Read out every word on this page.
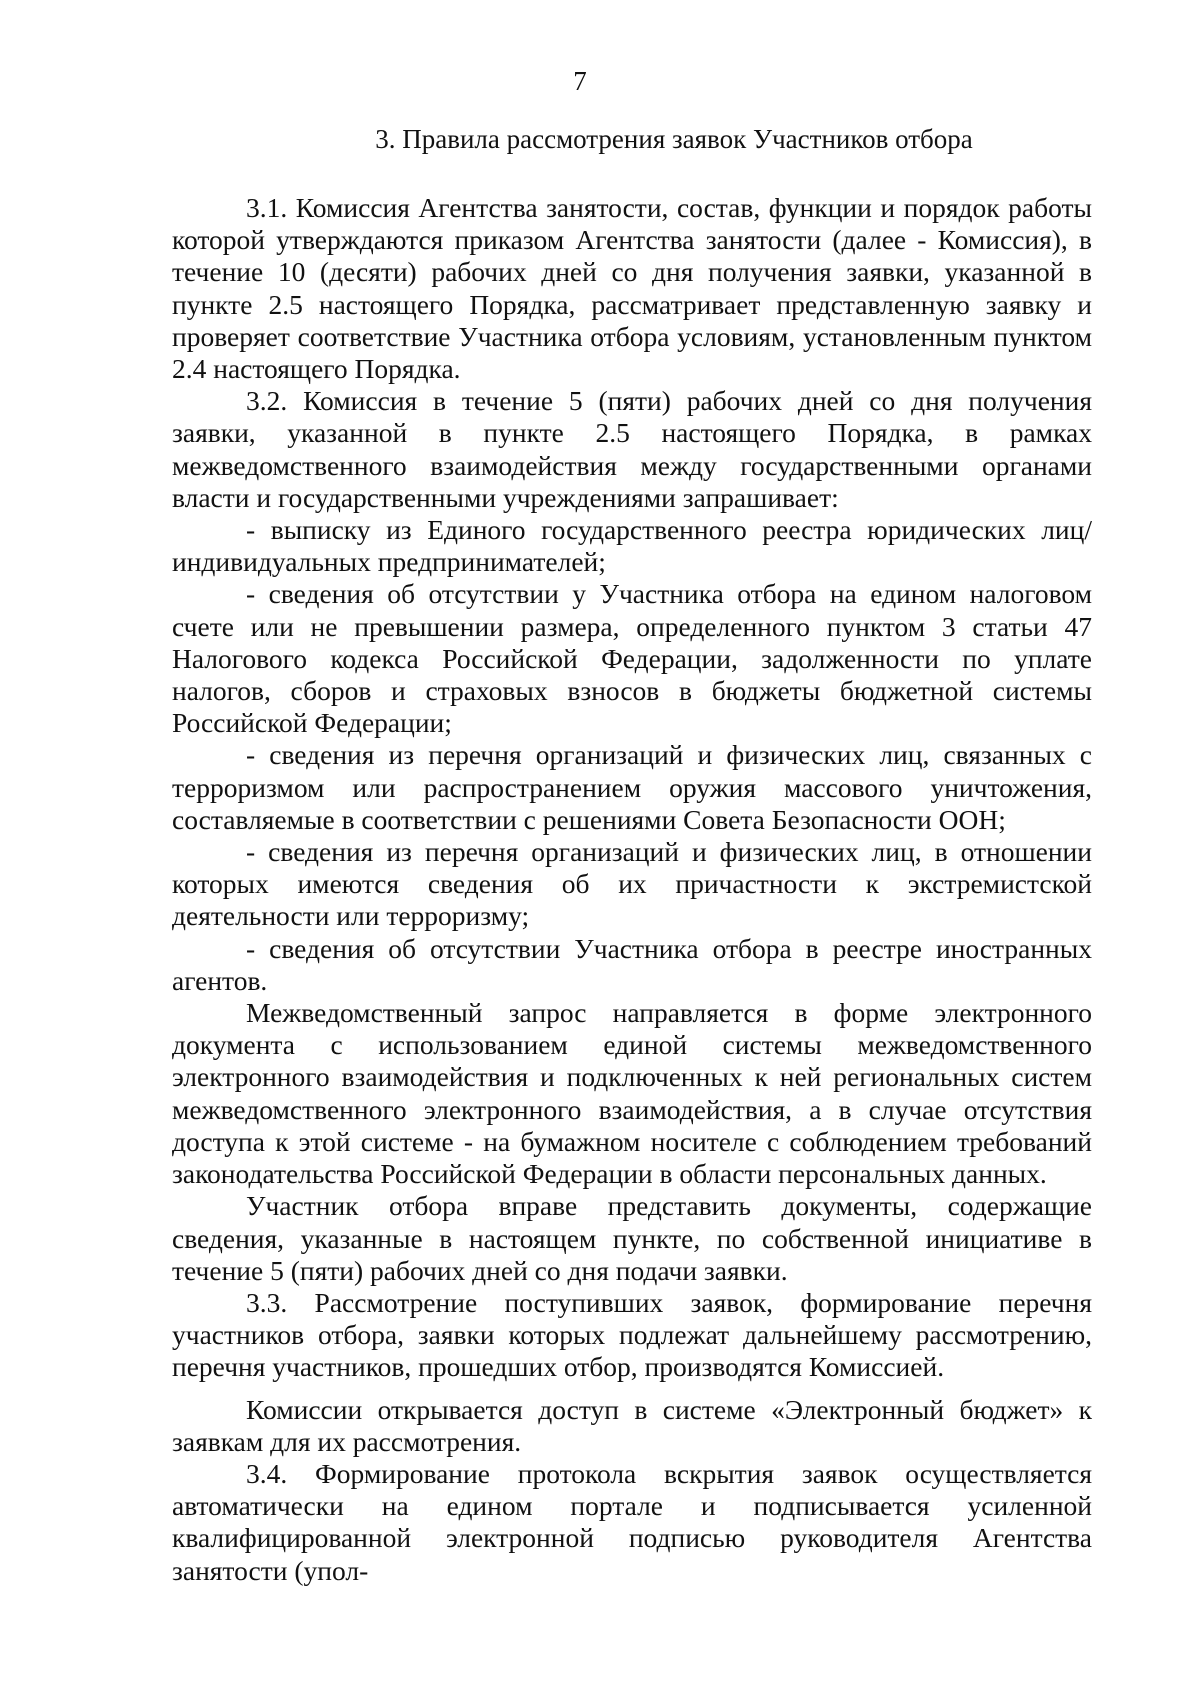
7
3. Правила рассмотрения заявок Участников отбора

3.1. Комиссия Агентства занятости, состав, функции и порядок работы которой утверждаются приказом Агентства занятости (далее - Комиссия), в течение 10 (десяти) рабочих дней со дня получения заявки, указанной в пункте 2.5 настоящего Порядка, рассматривает представленную заявку и проверяет соответствие Участника отбора условиям, установленным пунктом 2.4 настоящего Порядка.

3.2. Комиссия в течение 5 (пяти) рабочих дней со дня получения заявки, указанной в пункте 2.5 настоящего Порядка, в рамках межведомственного взаимодействия между государственными органами власти и государственными учреждениями запрашивает:

- выписку из Единого государственного реестра юридических лиц/индивидуальных предпринимателей;

- сведения об отсутствии у Участника отбора на едином налоговом счете или не превышении размера, определенного пунктом 3 статьи 47 Налогового кодекса Российской Федерации, задолженности по уплате налогов, сборов и страховых взносов в бюджеты бюджетной системы Российской Федерации;

- сведения из перечня организаций и физических лиц, связанных с терроризмом или распространением оружия массового уничтожения, составляемые в соответствии с решениями Совета Безопасности ООН;

- сведения из перечня организаций и физических лиц, в отношении которых имеются сведения об их причастности к экстремистской деятельности или терроризму;

- сведения об отсутствии Участника отбора в реестре иностранных агентов.

Межведомственный запрос направляется в форме электронного документа с использованием единой системы межведомственного электронного взаимодействия и подключенных к ней региональных систем межведомственного электронного взаимодействия, а в случае отсутствия доступа к этой системе - на бумажном носителе с соблюдением требований законодательства Российской Федерации в области персональных данных.

Участник отбора вправе представить документы, содержащие сведения, указанные в настоящем пункте, по собственной инициативе в течение 5 (пяти) рабочих дней со дня подачи заявки.

3.3. Рассмотрение поступивших заявок, формирование перечня участников отбора, заявки которых подлежат дальнейшему рассмотрению, перечня участников, прошедших отбор, производятся Комиссией.

Комиссии открывается доступ в системе «Электронный бюджет» к заявкам для их рассмотрения.

3.4. Формирование протокола вскрытия заявок осуществляется автоматически на едином портале и подписывается усиленной квалифицированной электронной подписью руководителя Агентства занятости (упол-
